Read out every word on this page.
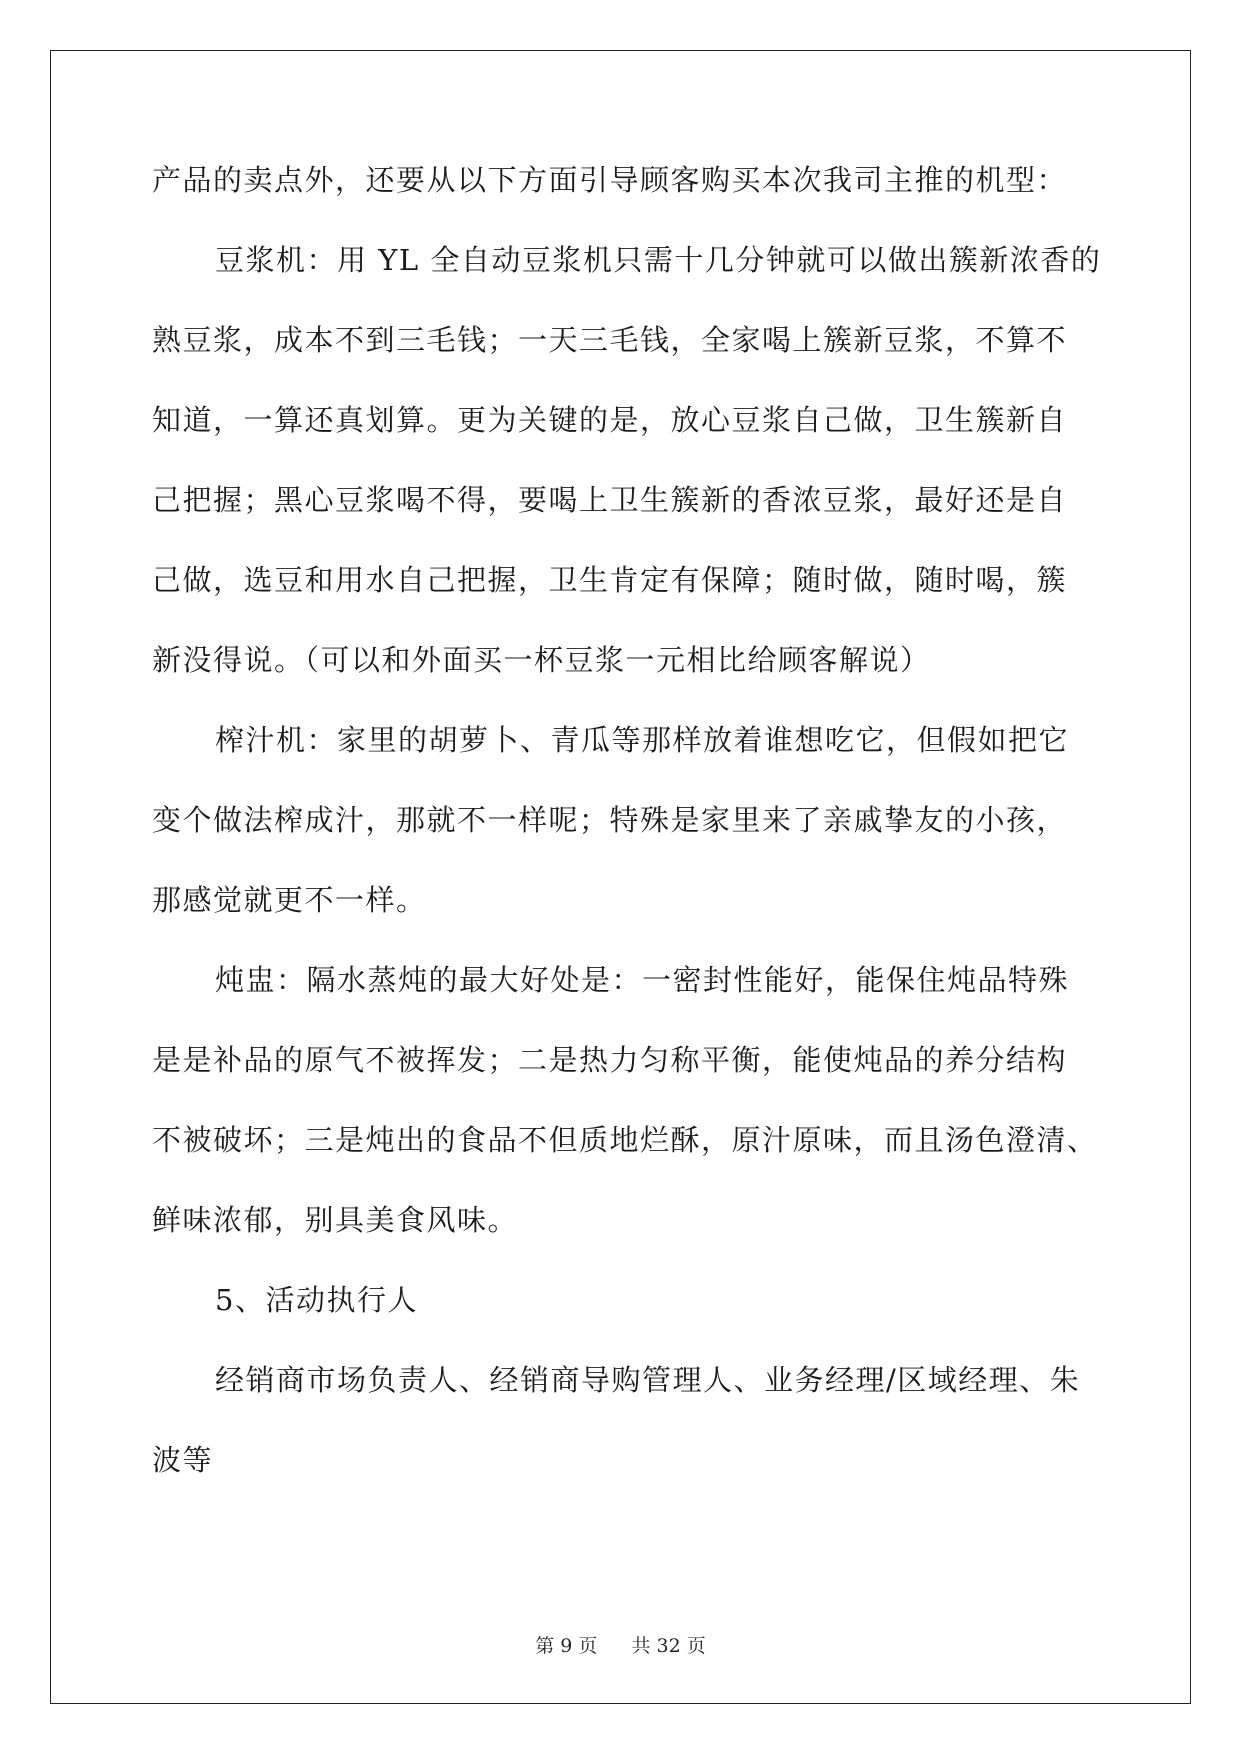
产品的卖点外，还要从以下方面引导顾客购买本次我司主推的机型：
豆浆机：用 YL 全自动豆浆机只需十几分钟就可以做出簇新浓香的
熟豆浆，成本不到三毛钱；一天三毛钱，全家喝上簇新豆浆，不算不
知道，一算还真划算。更为关键的是，放心豆浆自己做，卫生簇新自
己把握；黑心豆浆喝不得，要喝上卫生簇新的香浓豆浆，最好还是自
己做，选豆和用水自己把握，卫生肯定有保障；随时做，随时喝，簇
新没得说。（可以和外面买一杯豆浆一元相比给顾客解说）
榨汁机：家里的胡萝卜、青瓜等那样放着谁想吃它，但假如把它
变个做法榨成汁，那就不一样呢；特殊是家里来了亲戚挚友的小孩，
那感觉就更不一样。
炖盅：隔水蒸炖的最大好处是：一密封性能好，能保住炖品特殊
是是补品的原气不被挥发；二是热力匀称平衡，能使炖品的养分结构
不被破坏；三是炖出的食品不但质地烂酥，原汁原味，而且汤色澄清、
鲜味浓郁，别具美食风味。
5、活动执行人
经销商市场负责人、经销商导购管理人、业务经理/区域经理、朱
波等
第 9 页 共 32 页
